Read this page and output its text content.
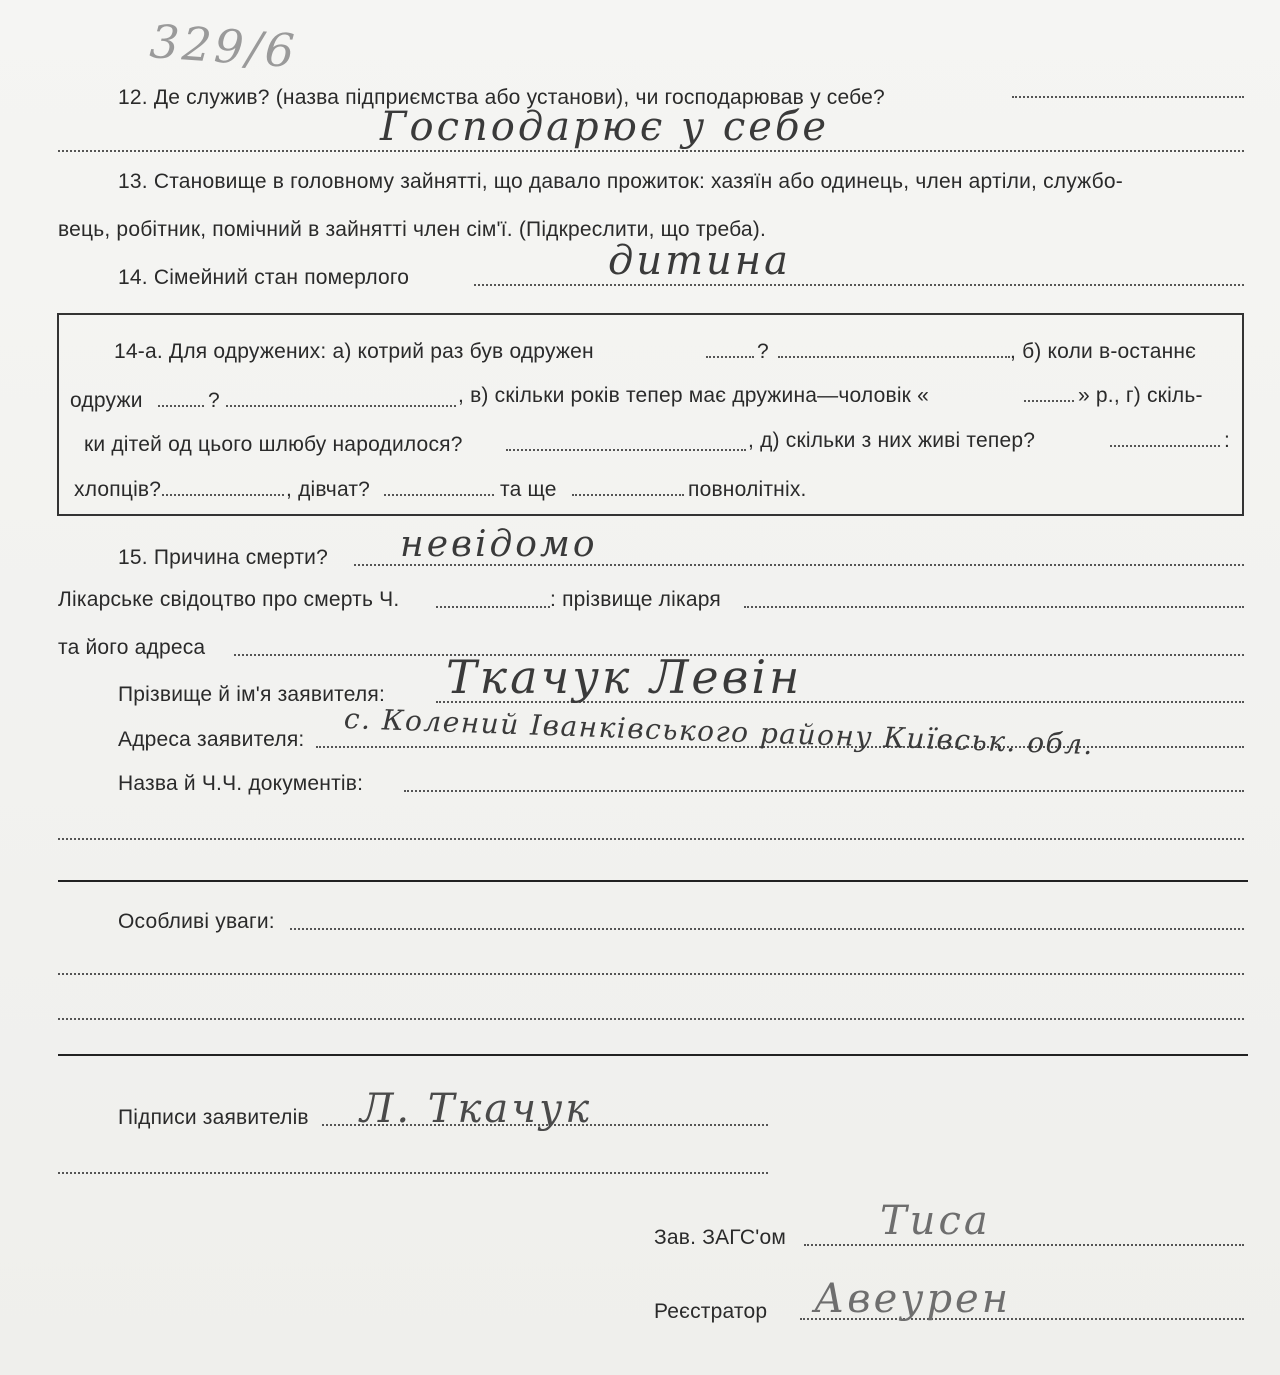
329/6
12. Де служив? (назва підприємства або установи), чи господарював у себе?
Господарює у себе
13. Становище в головному зайнятті, що давало прожиток: хазяїн або одинець, член артіли, службо-
вець, робітник, помічний в зайнятті член сім'ї. (Підкреслити, що треба).
14. Сімейний стан померлого	дитина
14-а. Для одружених: а) котрий раз був одружен	?	, б) коли в-останнє
одружи	?	, в) скільки років тепер має дружина—чоловік «	» р., г) скіль-
ки дітей од цього шлюбу народилося?	, д) скільки з них живі тепер?	:
хлопців?	, дівчат?	та ще	повнолітніх.
15. Причина смерти? невідомо
Лікарське свідоцтво про смерть Ч.	: прізвище лікаря
та його адреса
Прізвище й ім'я заявителя: Ткачук Левін
Адреса заявителя: с. Колений Іванківського району Київськ. обл.
Назва й Ч.Ч. документів:
Особливі уваги:
Підписи заявителів Л. Ткачук
Зав. ЗАГС'ом Тиса
Реєстратор Авеурен
